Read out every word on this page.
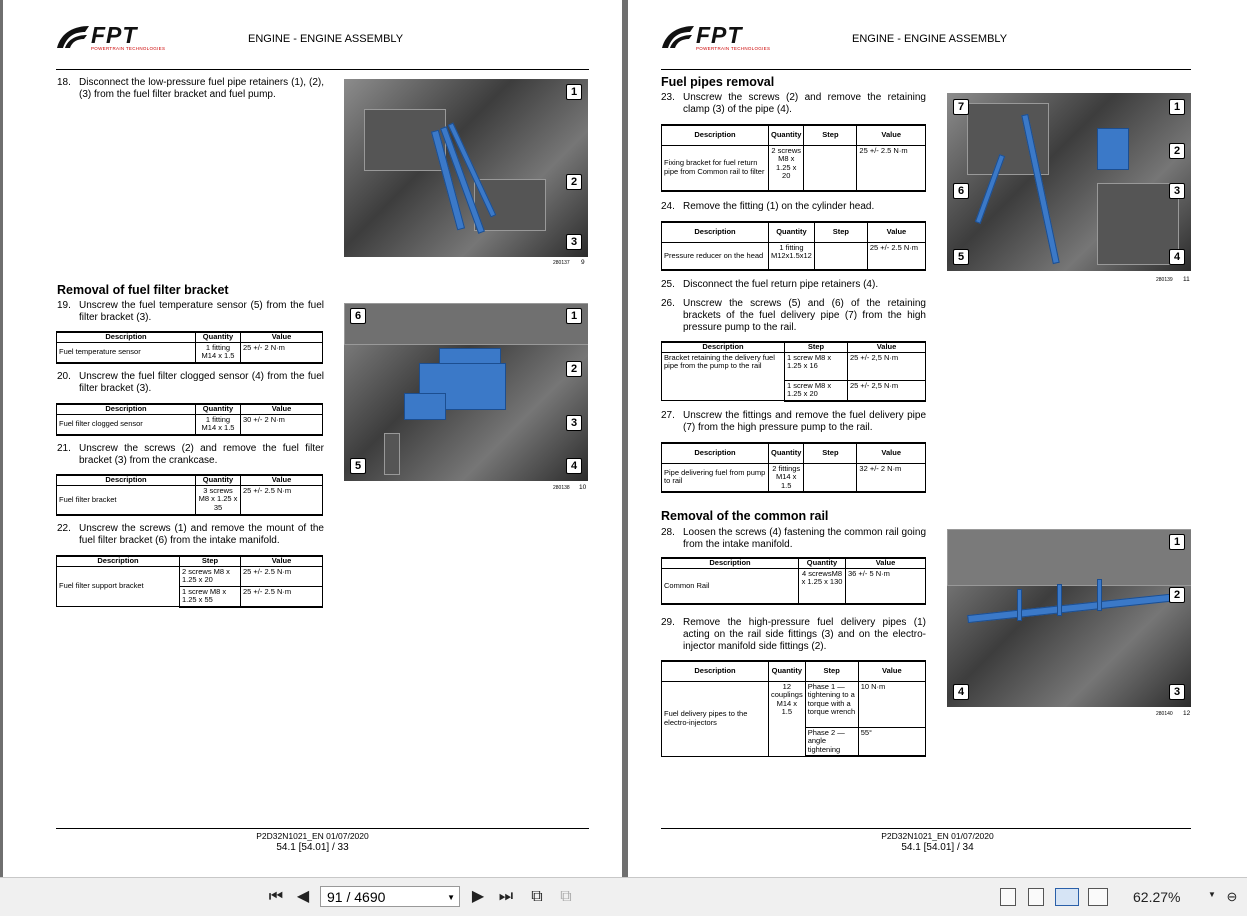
FPT
POWERTRAIN TECHNOLOGIES
ENGINE - ENGINE ASSEMBLY
18. Disconnect the low-pressure fuel pipe retainers (1), (2), (3) from the fuel filter bracket and fuel pump.	1
2
3
280137 9
Removal of fuel filter bracket
19. Unscrew the fuel temperature sensor (5) from the fuel filter bracket (3).
Description	Quantity	Value
Fuel temperature sensor	1 fitting M14 x 1.5	25 +/- 2 N·m
20. Unscrew the fuel filter clogged sensor (4) from the fuel filter bracket (3).
Description	Quantity	Value
Fuel filter clogged sensor	1 fitting M14 x 1.5	30 +/- 2 N·m
21. Unscrew the screws (2) and remove the fuel filter bracket (3) from the crankcase.
Description	Quantity	Value
Fuel filter bracket	3 screws M8 x 1.25 x 35	25 +/- 2.5 N·m
22. Unscrew the screws (1) and remove the mount of the fuel filter bracket (6) from the intake manifold.
Description	Step	Value
Fuel filter support bracket	2 screws M8 x 1.25 x 20	25 +/- 2.5 N·m
	1 screw M8 x 1.25 x 55	25 +/- 2.5 N·m
6	1
2
3
5	4
280138 10
P2D32N1021_EN 01/07/2020
54.1 [54.01] / 33
FPT
POWERTRAIN TECHNOLOGIES
ENGINE - ENGINE ASSEMBLY
Fuel pipes removal
23. Unscrew the screws (2) and remove the retaining clamp (3) of the pipe (4).
Description	Quantity	Step	Value
Fixing bracket for fuel return pipe from Common rail to filter	2 screws M8 x 1.25 x 20		25 +/- 2.5 N·m
24. Remove the fitting (1) on the cylinder head.
Description	Quantity	Step	Value
Pressure reducer on the head	1 fitting M12x1.5x12		25 +/- 2.5 N·m
25. Disconnect the fuel return pipe retainers (4).
26. Unscrew the screws (5) and (6) of the retaining brackets of the fuel delivery pipe (7) from the high pressure pump to the rail.
Description	Step	Value
Bracket retaining the delivery fuel pipe from the pump to the rail	1 screw M8 x 1.25 x 16	25 +/- 2,5 N·m
	1 screw M8 x 1.25 x 20	25 +/- 2,5 N·m
27. Unscrew the fittings and remove the fuel delivery pipe (7) from the high pressure pump to the rail.
Description	Quantity	Step	Value
Pipe delivering fuel from pump to rail	2 fittings M14 x 1.5		32 +/- 2 N·m
Removal of the common rail
28. Loosen the screws (4) fastening the common rail going from the intake manifold.
Description	Quantity	Value
Common Rail	4 screwsM8 x 1.25 x 130	36 +/- 5 N·m
29. Remove the high-pressure fuel delivery pipes (1) acting on the rail side fittings (3) and on the electro-injector manifold side fittings (2).
Description	Quantity	Step	Value
Fuel delivery pipes to the electro-injectors	12 couplings M14 x 1.5	Phase 1 — tightening to a torque with a torque wrench	10 N·m
		Phase 2 — angle tightening	55°
7	1
2
6	3
5	4
280139 11
1
2
4	3
280140 12
P2D32N1021_EN 01/07/2020
54.1 [54.01] / 34
⏮ ◀	91 / 4690	▼ ▶ ⏭ ⧉ ⧉	62.27%	▼ ⊖
